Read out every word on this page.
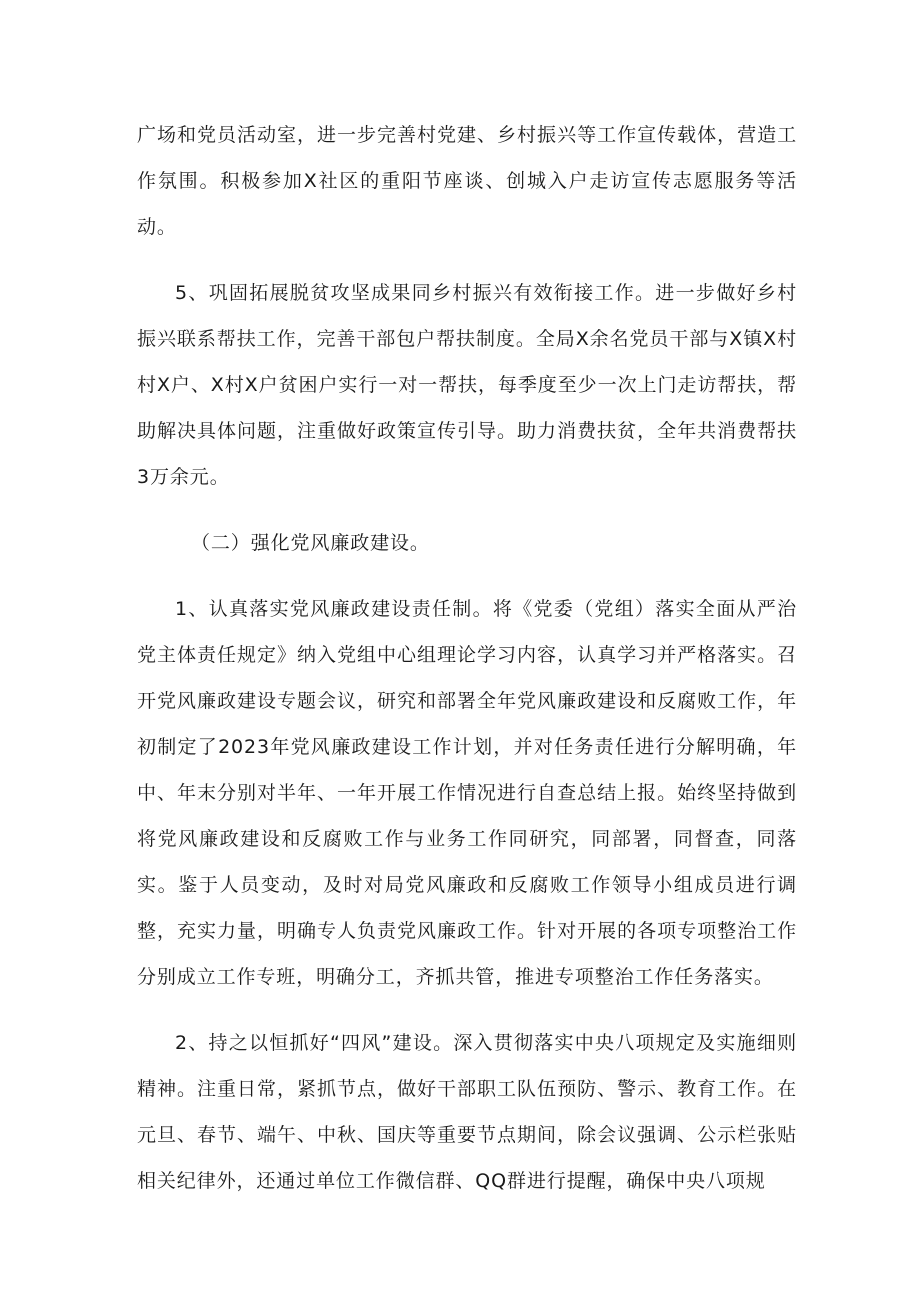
广场和党员活动室，进一步完善村党建、乡村振兴等工作宣传载体，营造工作氛围。积极参加X社区的重阳节座谈、创城入户走访宣传志愿服务等活动。

5、巩固拓展脱贫攻坚成果同乡村振兴有效衔接工作。进一步做好乡村振兴联系帮扶工作，完善干部包户帮扶制度。全局X余名党员干部与X镇X村村X户、X村X户贫困户实行一对一帮扶，每季度至少一次上门走访帮扶，帮助解决具体问题，注重做好政策宣传引导。助力消费扶贫，全年共消费帮扶3万余元。

（二）强化党风廉政建设。

1、认真落实党风廉政建设责任制。将《党委（党组）落实全面从严治党主体责任规定》纳入党组中心组理论学习内容，认真学习并严格落实。召开党风廉政建设专题会议，研究和部署全年党风廉政建设和反腐败工作，年初制定了2023年党风廉政建设工作计划，并对任务责任进行分解明确，年中、年末分别对半年、一年开展工作情况进行自查总结上报。始终坚持做到将党风廉政建设和反腐败工作与业务工作同研究，同部署，同督查，同落实。鉴于人员变动，及时对局党风廉政和反腐败工作领导小组成员进行调整，充实力量，明确专人负责党风廉政工作。针对开展的各项专项整治工作分别成立工作专班，明确分工，齐抓共管，推进专项整治工作任务落实。

2、持之以恒抓好“四风”建设。深入贯彻落实中央八项规定及实施细则精神。注重日常，紧抓节点，做好干部职工队伍预防、警示、教育工作。在元旦、春节、端午、中秋、国庆等重要节点期间，除会议强调、公示栏张贴相关纪律外，还通过单位工作微信群、QQ群进行提醒，确保中央八项规
